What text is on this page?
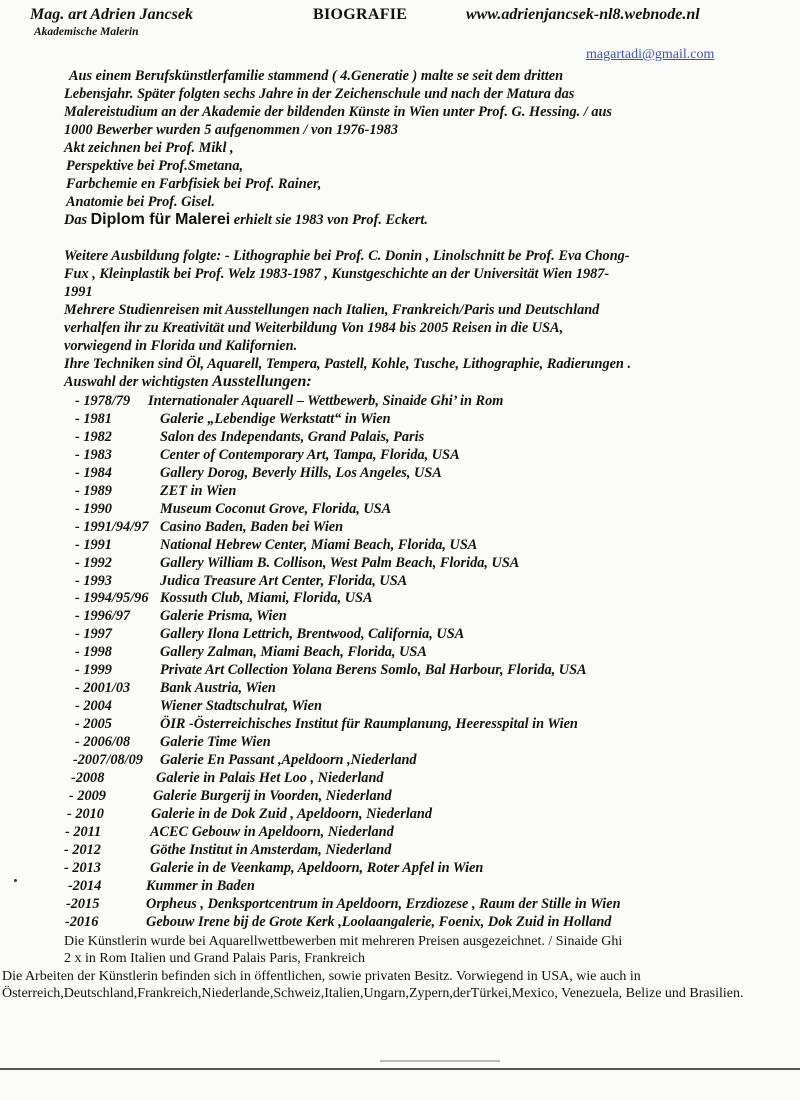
Mag. art Adrien Jancsek	BIOGRAFIE	www.adrienjancsek-nl8.webnode.nl
Akademische Malerin
magartadi@gmail.com

Aus einem Berufskünstlerfamilie stammend ( 4.Generatie ) malte se seit dem dritten

Lebensjahr. Später folgten sechs Jahre in der Zeichenschule und nach der Matura das

Malereistudium an der Akademie der bildenden Künste in Wien unter Prof. G. Hessing. / aus

1000 Bewerber wurden 5 aufgenommen / von 1976-1983

Akt zeichnen bei Prof. Mikl ,

Perspektive bei Prof.Smetana,

Farbchemie en Farbfisiek bei Prof. Rainer,

Anatomie bei Prof. Gisel.

Das Diplom für Malerei erhielt sie 1983 von Prof. Eckert.

Weitere Ausbildung folgte: - Lithographie bei Prof. C. Donin , Linolschnitt be Prof. Eva Chong-

Fux , Kleinplastik bei Prof. Welz 1983-1987 , Kunstgeschichte an der Universität Wien 1987-

1991

Mehrere Studienreisen mit Ausstellungen nach Italien, Frankreich/Paris und Deutschland

verhalfen ihr zu Kreativität und Weiterbildung Von 1984 bis 2005 Reisen in die USA,

vorwiegend in Florida und Kalifornien.

Ihre Techniken sind Öl, Aquarell, Tempera, Pastell, Kohle, Tusche, Lithographie, Radierungen .

Auswahl der wichtigsten Ausstellungen:

- 1978/79 Internationaler Aquarell – Wettbewerb, Sinaide Ghi’ in Rom
- 1981	Galerie „Lebendige Werkstatt“ in Wien
- 1982	Salon des Independants, Grand Palais, Paris
- 1983	Center of Contemporary Art, Tampa, Florida, USA
- 1984	Gallery Dorog, Beverly Hills, Los Angeles, USA
- 1989	ZET in Wien
- 1990	Museum Coconut Grove, Florida, USA
- 1991/94/97 Casino Baden, Baden bei Wien
- 1991	National Hebrew Center, Miami Beach, Florida, USA
- 1992	Gallery William B. Collison, West Palm Beach, Florida, USA
- 1993	Judica Treasure Art Center, Florida, USA
- 1994/95/96 Kossuth Club, Miami, Florida, USA
- 1996/97 Galerie Prisma, Wien
- 1997	Gallery Ilona Lettrich, Brentwood, California, USA
- 1998	Gallery Zalman, Miami Beach, Florida, USA
- 1999	Private Art Collection Yolana Berens Somlo, Bal Harbour, Florida, USA
- 2001/03 Bank Austria, Wien
- 2004	Wiener Stadtschulrat, Wien
- 2005	ÖIR -Österreichisches Institut für Raumplanung, Heeresspital in Wien
- 2006/08 Galerie Time Wien
-2007/08/09 Galerie En Passant ,Apeldoorn ,Niederland
-2008	Galerie in Palais Het Loo , Niederland
- 2009	Galerie Burgerij in Voorden, Niederland
- 2010	Galerie in de Dok Zuid , Apeldoorn, Niederland
- 2011	ACEC Gebouw in Apeldoorn, Niederland
- 2012	Göthe Institut in Amsterdam, Niederland
- 2013	Galerie in de Veenkamp, Apeldoorn, Roter Apfel in Wien
-2014	Kummer in Baden
-2015	Orpheus , Denksportcentrum in Apeldoorn, Erzdiozese , Raum der Stille in Wien
-2016	Gebouw Irene bij de Grote Kerk ,Loolaangalerie, Foenix, Dok Zuid in Holland
Die Künstlerin wurde bei Aquarellwettbewerben mit mehreren Preisen ausgezeichnet. / Sinaide Ghi
2 x in Rom Italien und Grand Palais Paris, Frankreich
Die Arbeiten der Künstlerin befinden sich in öffentlichen, sowie privaten Besitz. Vorwiegend in USA, wie auch in Österreich,Deutschland,Frankreich,Niederlande,Schweiz,Italien,Ungarn,Zypern,derTürkei,Mexico, Venezuela, Belize und Brasilien.
